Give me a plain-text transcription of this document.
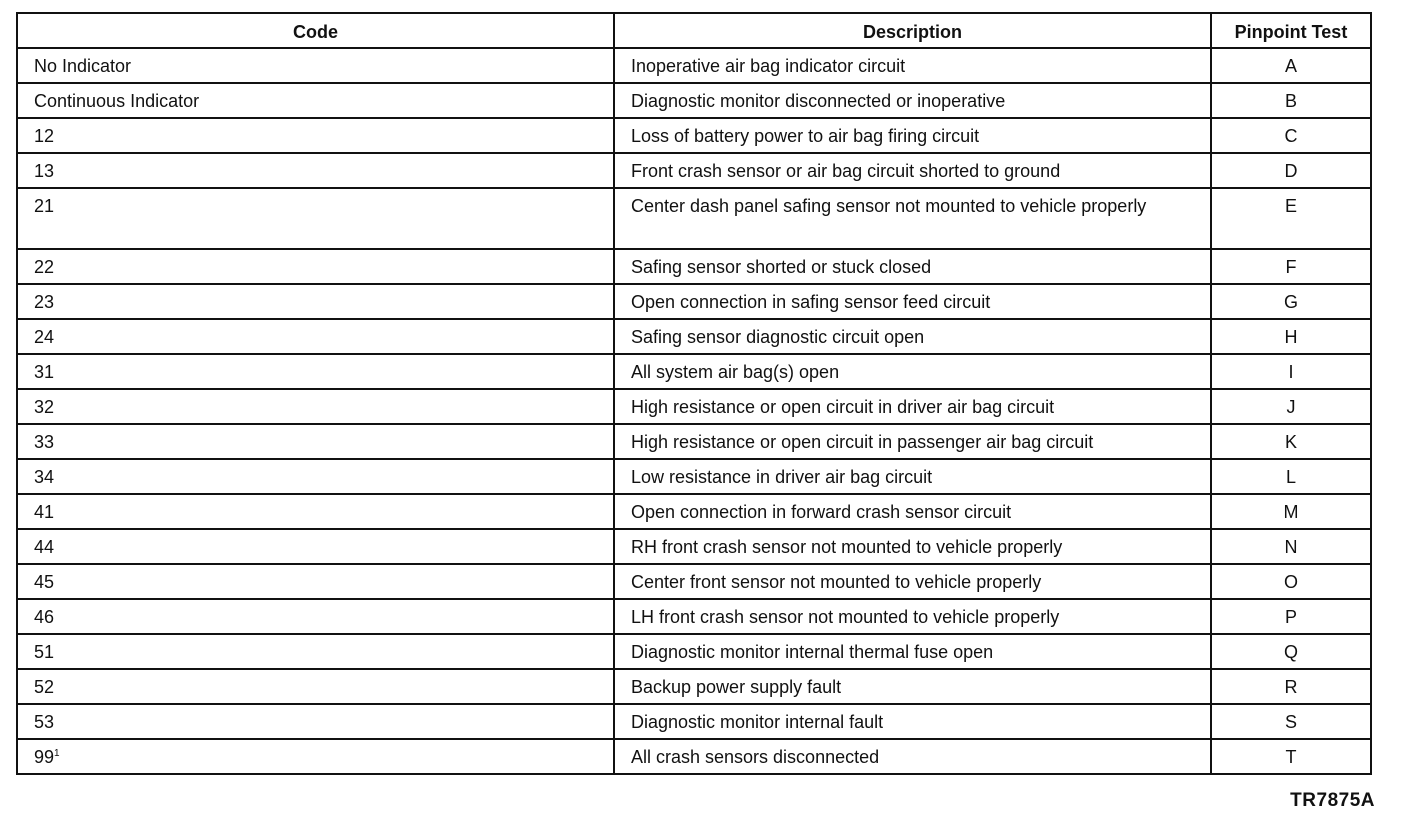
Code	Description	Pinpoint Test
No Indicator	Inoperative air bag indicator circuit	A
Continuous Indicator	Diagnostic monitor disconnected or inoperative	B
12	Loss of battery power to air bag firing circuit	C
13	Front crash sensor or air bag circuit shorted to ground	D
21	Center dash panel safing sensor not mounted to vehicle properly	E
22	Safing sensor shorted or stuck closed	F
23	Open connection in safing sensor feed circuit	G
24	Safing sensor diagnostic circuit open	H
31	All system air bag(s) open	I
32	High resistance or open circuit in driver air bag circuit	J
33	High resistance or open circuit in passenger air bag circuit	K
34	Low resistance in driver air bag circuit	L
41	Open connection in forward crash sensor circuit	M
44	RH front crash sensor not mounted to vehicle properly	N
45	Center front sensor not mounted to vehicle properly	O
46	LH front crash sensor not mounted to vehicle properly	P
51	Diagnostic monitor internal thermal fuse open	Q
52	Backup power supply fault	R
53	Diagnostic monitor internal fault	S
$99^1$	All crash sensors disconnected	T
TR7875A
